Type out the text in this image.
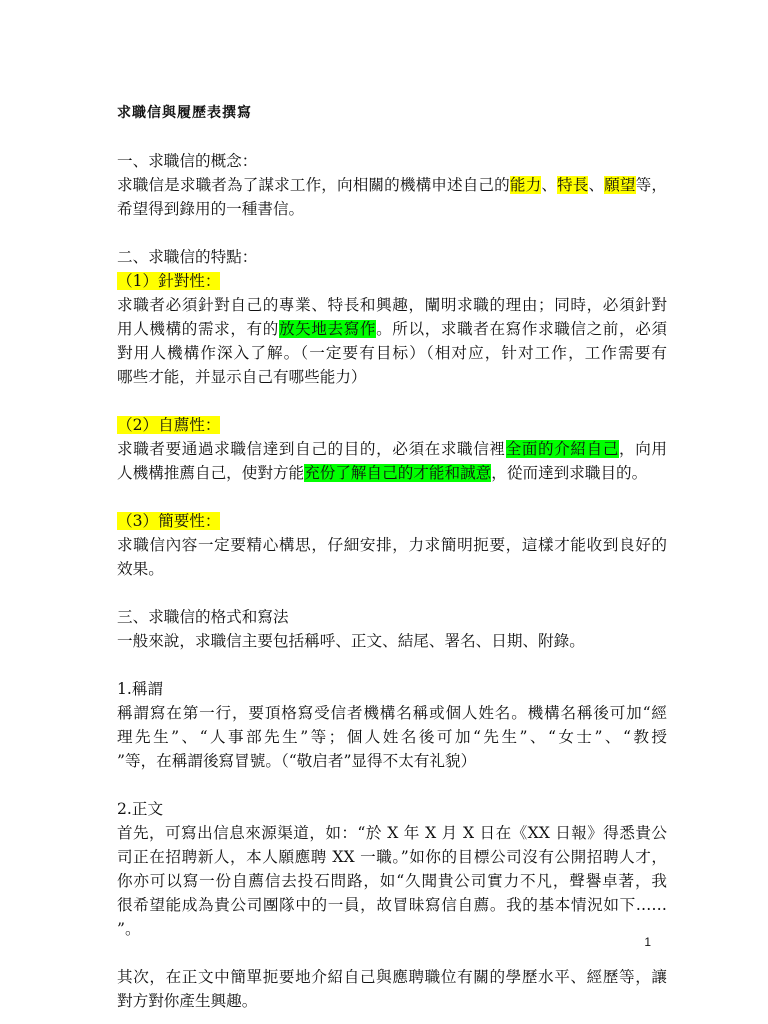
求職信與履歷表撰寫
一、求職信的概念：
求職信是求職者為了謀求工作，向相關的機構申述自己的能力、特長、願望等，
希望得到錄用的一種書信。
二、求職信的特點：
（1）針對性：
求職者必須針對自己的專業、特長和興趣，闡明求職的理由；同時，必須針對
用人機構的需求，有的放矢地去寫作。所以，求職者在寫作求職信之前，必須
對用人機構作深入了解。（一定要有目标）（相对应，针对工作，工作需要有
哪些才能，并显示自己有哪些能力）
（2）自薦性：
求職者要通過求職信達到自己的目的，必須在求職信裡全面的介紹自己，向用
人機構推薦自己，使對方能充份了解自己的才能和誠意，從而達到求職目的。
（3）簡要性：
求職信內容一定要精心構思，仔細安排，力求簡明扼要，這樣才能收到良好的
效果。
三、求職信的格式和寫法
一般來說，求職信主要包括稱呼、正文、結尾、署名、日期、附錄。
1.稱謂
稱謂寫在第一行，要頂格寫受信者機構名稱或個人姓名。機構名稱後可加“經
理先生”、“人事部先生”等；個人姓名後可加“先生”、“女士”、“教授
”等，在稱謂後寫冒號。（“敬启者”显得不太有礼貌）
2.正文
首先，可寫出信息來源渠道，如：“於 X 年 X 月 X 日在《XX 日報》得悉貴公
司正在招聘新人，本人願應聘 XX 一職。”如你的目標公司沒有公開招聘人才，
你亦可以寫一份自薦信去投石問路，如“久聞貴公司實力不凡，聲譽卓著，我
很希望能成為貴公司團隊中的一員，故冒昧寫信自薦。我的基本情況如下……
”。
其次，在正文中簡單扼要地介紹自己與應聘職位有關的學歷水平、經歷等，讓
對方對你產生興趣。
1
